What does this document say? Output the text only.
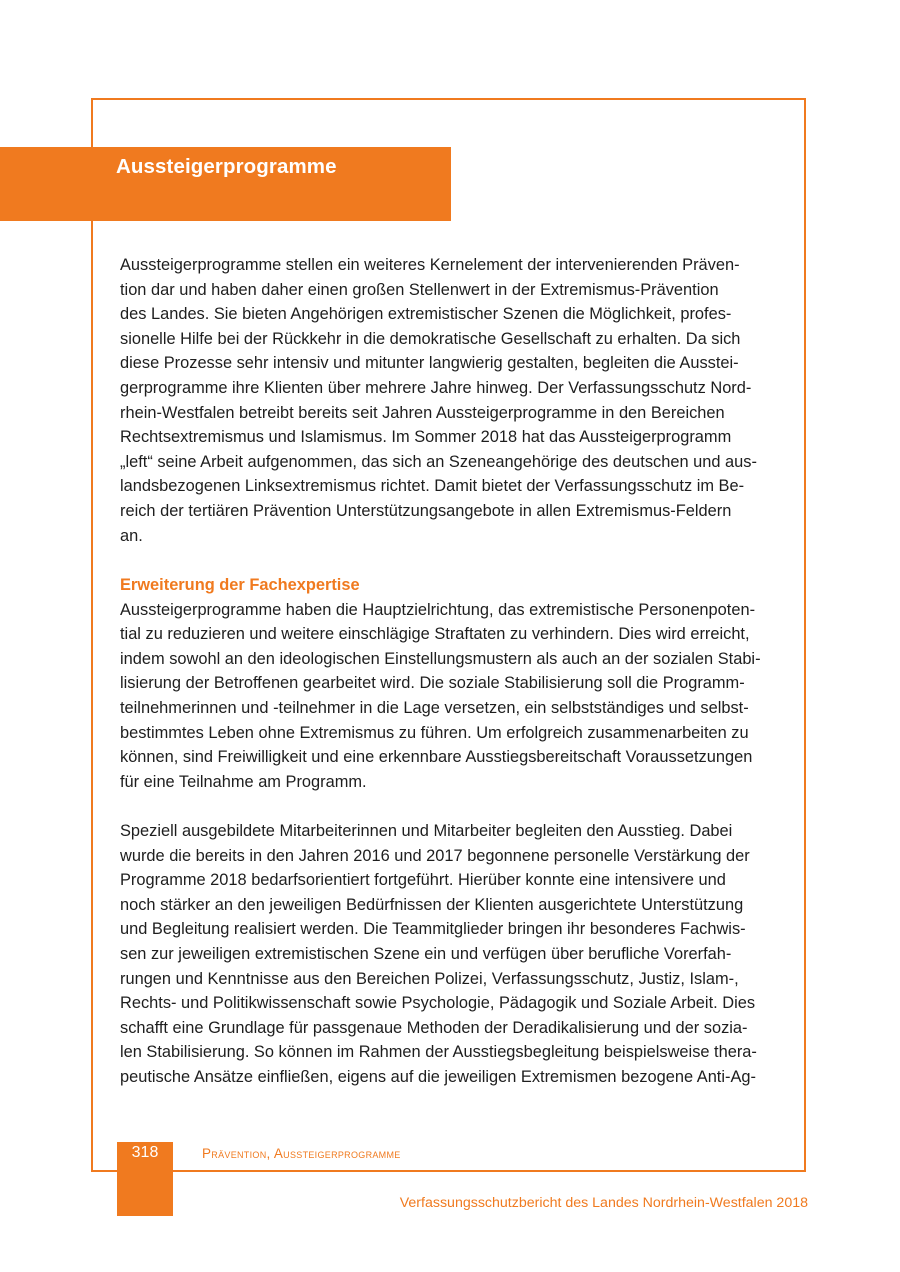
Aussteigerprogramme

Aussteigerprogramme stellen ein weiteres Kernelement der intervenierenden Präven-

tion dar und haben daher einen großen Stellenwert in der Extremismus-Prävention

des Landes. Sie bieten Angehörigen extremistischer Szenen die Möglichkeit, profes-

sionelle Hilfe bei der Rückkehr in die demokratische Gesellschaft zu erhalten. Da sich

diese Prozesse sehr intensiv und mitunter langwierig gestalten, begleiten die Ausstei-

gerprogramme ihre Klienten über mehrere Jahre hinweg. Der Verfassungsschutz Nord-

rhein-Westfalen betreibt bereits seit Jahren Aussteigerprogramme in den Bereichen

Rechtsextremismus und Islamismus. Im Sommer 2018 hat das Aussteigerprogramm

„left“ seine Arbeit aufgenommen, das sich an Szeneangehörige des deutschen und aus-

landsbezogenen Linksextremismus richtet. Damit bietet der Verfassungsschutz im Be-

reich der tertiären Prävention Unterstützungsangebote in allen Extremismus-Feldern

an.

Erweiterung der Fachexpertise

Aussteigerprogramme haben die Hauptzielrichtung, das extremistische Personenpoten-

tial zu reduzieren und weitere einschlägige Straftaten zu verhindern. Dies wird erreicht,

indem sowohl an den ideologischen Einstellungsmustern als auch an der sozialen Stabi-

lisierung der Betroffenen gearbeitet wird. Die soziale Stabilisierung soll die Programm-

teilnehmerinnen und -teilnehmer in die Lage versetzen, ein selbstständiges und selbst-

bestimmtes Leben ohne Extremismus zu führen. Um erfolgreich zusammenarbeiten zu

können, sind Freiwilligkeit und eine erkennbare Ausstiegsbereitschaft Voraussetzungen

für eine Teilnahme am Programm.

Speziell ausgebildete Mitarbeiterinnen und Mitarbeiter begleiten den Ausstieg. Dabei

wurde die bereits in den Jahren 2016 und 2017 begonnene personelle Verstärkung der

Programme 2018 bedarfsorientiert fortgeführt. Hierüber konnte eine intensivere und

noch stärker an den jeweiligen Bedürfnissen der Klienten ausgerichtete Unterstützung

und Begleitung realisiert werden. Die Teammitglieder bringen ihr besonderes Fachwis-

sen zur jeweiligen extremistischen Szene ein und verfügen über berufliche Vorerfah-

rungen und Kenntnisse aus den Bereichen Polizei, Verfassungsschutz, Justiz, Islam-,

Rechts- und Politikwissenschaft sowie Psychologie, Pädagogik und Soziale Arbeit. Dies

schafft eine Grundlage für passgenaue Methoden der Deradikalisierung und der sozia-

len Stabilisierung. So können im Rahmen der Ausstiegsbegleitung beispielsweise thera-

peutische Ansätze einfließen, eigens auf die jeweiligen Extremismen bezogene Anti-Ag-

318	Prävention, Aussteigerprogramme
Verfassungsschutzbericht des Landes Nordrhein-Westfalen 2018
